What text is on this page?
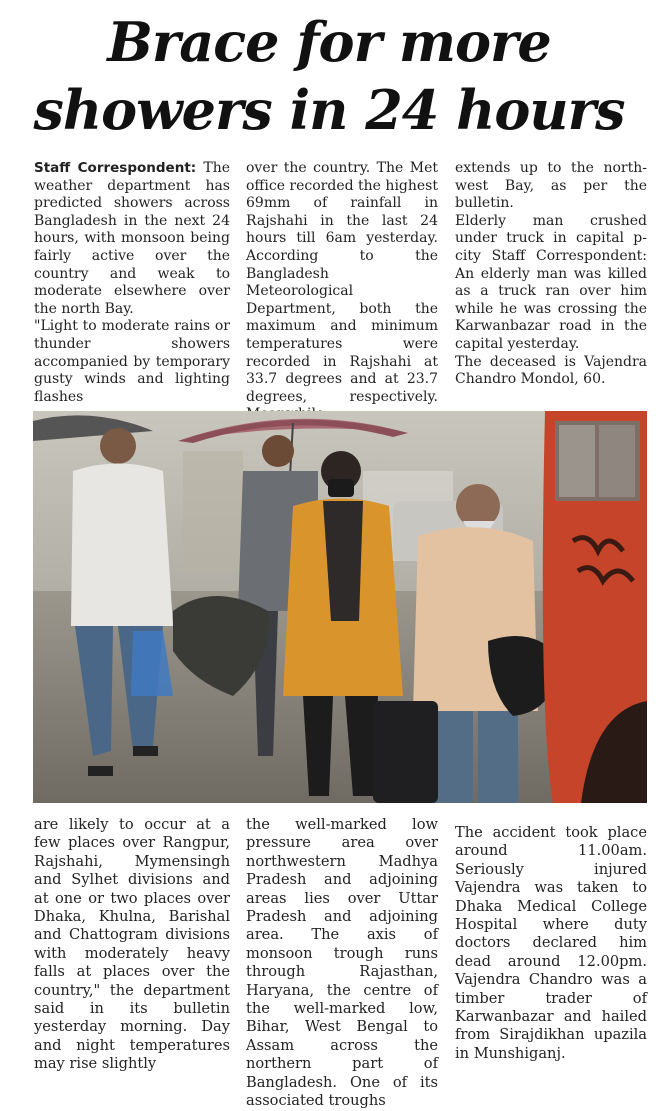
Brace for more
showers in 24 hours

Staff Correspondent: The weather department has predicted showers across Bangladesh in the next 24 hours, with monsoon being fairly active over the country and weak to moderate elsewhere over the north Bay.

"Light to moderate rains or thunder showers accompanied by temporary gusty winds and lighting flashes

over the country. The Met office recorded the highest 69mm of rainfall in Rajshahi in the last 24 hours till 6am yesterday. According to the Bangladesh Meteorological Department, both the maximum and minimum temperatures were recorded in Rajshahi at 33.7 degrees and at 23.7 degrees, respectively.

extends up to the north-west Bay, as per the bulletin.

Elderly man crushed under truck in capital p-city Staff Correspondent: An elderly man was killed as a truck ran over him while he was crossing the Karwanbazar road in the capital yesterday.

The deceased is Vajendra Chandro Mondol, 60.

are likely to occur at a few places over Rangpur, Rajshahi, Mymensingh and Sylhet divisions and at one or two places over Dhaka, Khulna, Barishal and Chattogram divisions with moderately heavy falls at places over the country," the department said in its bulletin yesterday morning. Day and night temperatures may rise slightly

the well-marked low pressure area over northwestern Madhya Pradesh and adjoining areas lies over Uttar Pradesh and adjoining area. The axis of monsoon trough runs through Rajasthan, Haryana, the centre of the well-marked low, Bihar, West Bengal to Assam across the northern part of Bangladesh. One of its associated troughs

The accident took place around 11.00am. Seriously injured Vajendra was taken to Dhaka Medical College Hospital where duty doctors declared him dead around 12.00pm. Vajendra Chandro was a timber trader of Karwanbazar and hailed from Sirajdikhan upazila in Munshiganj.
